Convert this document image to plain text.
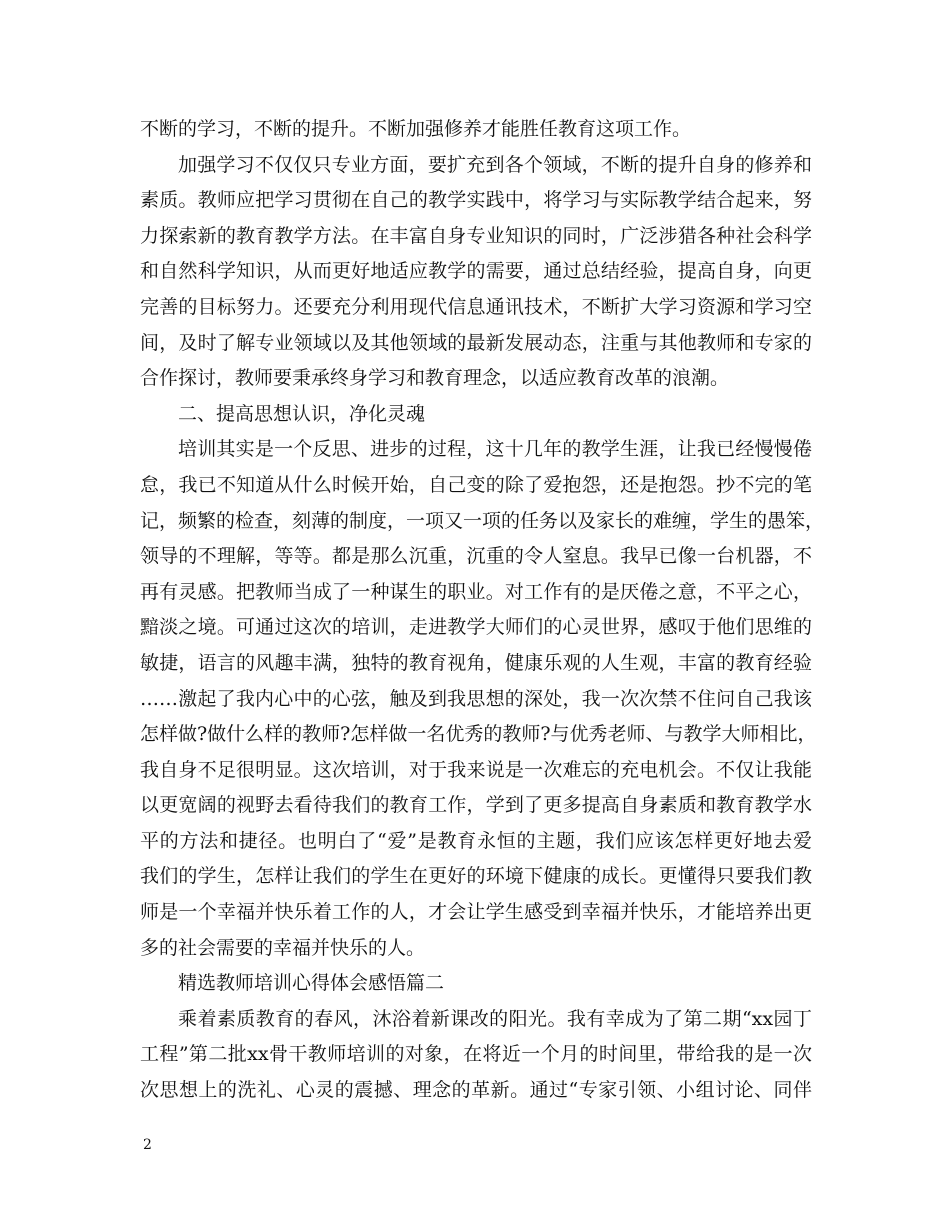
不断的学习，不断的提升。不断加强修养才能胜任教育这项工作。
加强学习不仅仅只专业方面，要扩充到各个领域，不断的提升自身的修养和
素质。教师应把学习贯彻在自己的教学实践中，将学习与实际教学结合起来，努
力探索新的教育教学方法。在丰富自身专业知识的同时，广泛涉猎各种社会科学
和自然科学知识，从而更好地适应教学的需要，通过总结经验，提高自身，向更
完善的目标努力。还要充分利用现代信息通讯技术，不断扩大学习资源和学习空
间，及时了解专业领域以及其他领域的最新发展动态，注重与其他教师和专家的
合作探讨，教师要秉承终身学习和教育理念，以适应教育改革的浪潮。
二、提高思想认识，净化灵魂
培训其实是一个反思、进步的过程，这十几年的教学生涯，让我已经慢慢倦
怠，我已不知道从什么时候开始，自己变的除了爱抱怨，还是抱怨。抄不完的笔
记，频繁的检查，刻薄的制度，一项又一项的任务以及家长的难缠，学生的愚笨，
领导的不理解，等等。都是那么沉重，沉重的令人窒息。我早已像一台机器，不
再有灵感。把教师当成了一种谋生的职业。对工作有的是厌倦之意，不平之心，
黯淡之境。可通过这次的培训，走进教学大师们的心灵世界，感叹于他们思维的
敏捷，语言的风趣丰满，独特的教育视角，健康乐观的人生观，丰富的教育经验
……激起了我内心中的心弦，触及到我思想的深处，我一次次禁不住问自己我该
怎样做?做什么样的教师?怎样做一名优秀的教师?与优秀老师、与教学大师相比，
我自身不足很明显。这次培训，对于我来说是一次难忘的充电机会。不仅让我能
以更宽阔的视野去看待我们的教育工作，学到了更多提高自身素质和教育教学水
平的方法和捷径。也明白了“爱”是教育永恒的主题，我们应该怎样更好地去爱
我们的学生，怎样让我们的学生在更好的环境下健康的成长。更懂得只要我们教
师是一个幸福并快乐着工作的人，才会让学生感受到幸福并快乐，才能培养出更
多的社会需要的幸福并快乐的人。
精选教师培训心得体会感悟篇二
乘着素质教育的春风，沐浴着新课改的阳光。我有幸成为了第二期“xx园丁
工程”第二批xx骨干教师培训的对象，在将近一个月的时间里，带给我的是一次
次思想上的洗礼、心灵的震撼、理念的革新。通过“专家引领、小组讨论、同伴
2
